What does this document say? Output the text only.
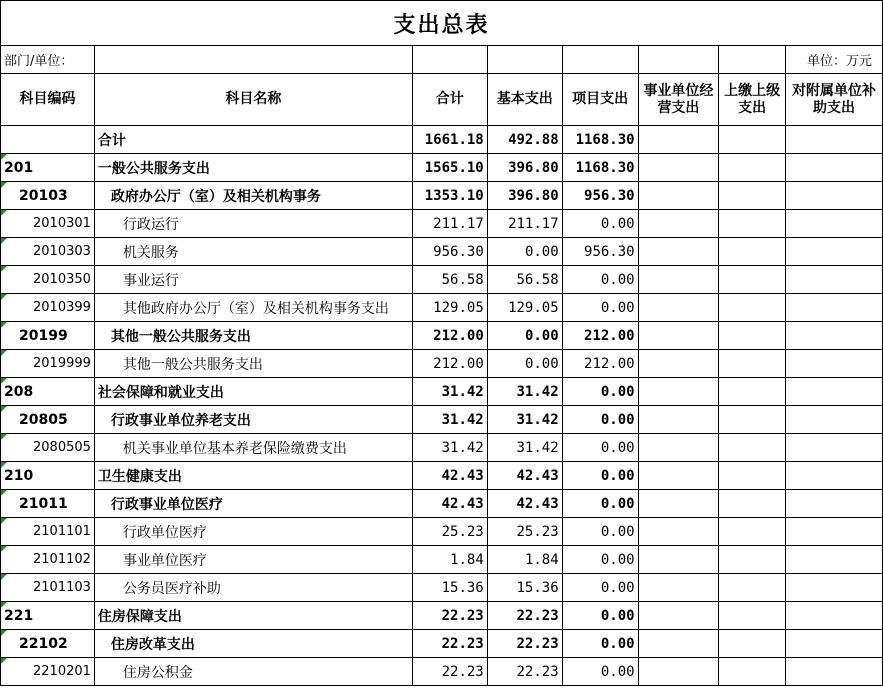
支出总表
部门/单位：							单位：万元
科目编码	科目名称	合计	基本支出	项目支出	事业单位经营支出	上缴上级支出	对附属单位补助支出
	合计	1661.18	492.88	1168.30			
201	一般公共服务支出	1565.10	396.80	1168.30			
20103	政府办公厅（室）及相关机构事务	1353.10	396.80	956.30			
2010301	行政运行	211.17	211.17	0.00			
2010303	机关服务	956.30	0.00	956.30			
2010350	事业运行	56.58	56.58	0.00			
2010399	其他政府办公厅（室）及相关机构事务支出	129.05	129.05	0.00			
20199	其他一般公共服务支出	212.00	0.00	212.00			
2019999	其他一般公共服务支出	212.00	0.00	212.00			
208	社会保障和就业支出	31.42	31.42	0.00			
20805	行政事业单位养老支出	31.42	31.42	0.00			
2080505	机关事业单位基本养老保险缴费支出	31.42	31.42	0.00			
210	卫生健康支出	42.43	42.43	0.00			
21011	行政事业单位医疗	42.43	42.43	0.00			
2101101	行政单位医疗	25.23	25.23	0.00			
2101102	事业单位医疗	1.84	1.84	0.00			
2101103	公务员医疗补助	15.36	15.36	0.00			
221	住房保障支出	22.23	22.23	0.00			
22102	住房改革支出	22.23	22.23	0.00			
2210201	住房公积金	22.23	22.23	0.00			
